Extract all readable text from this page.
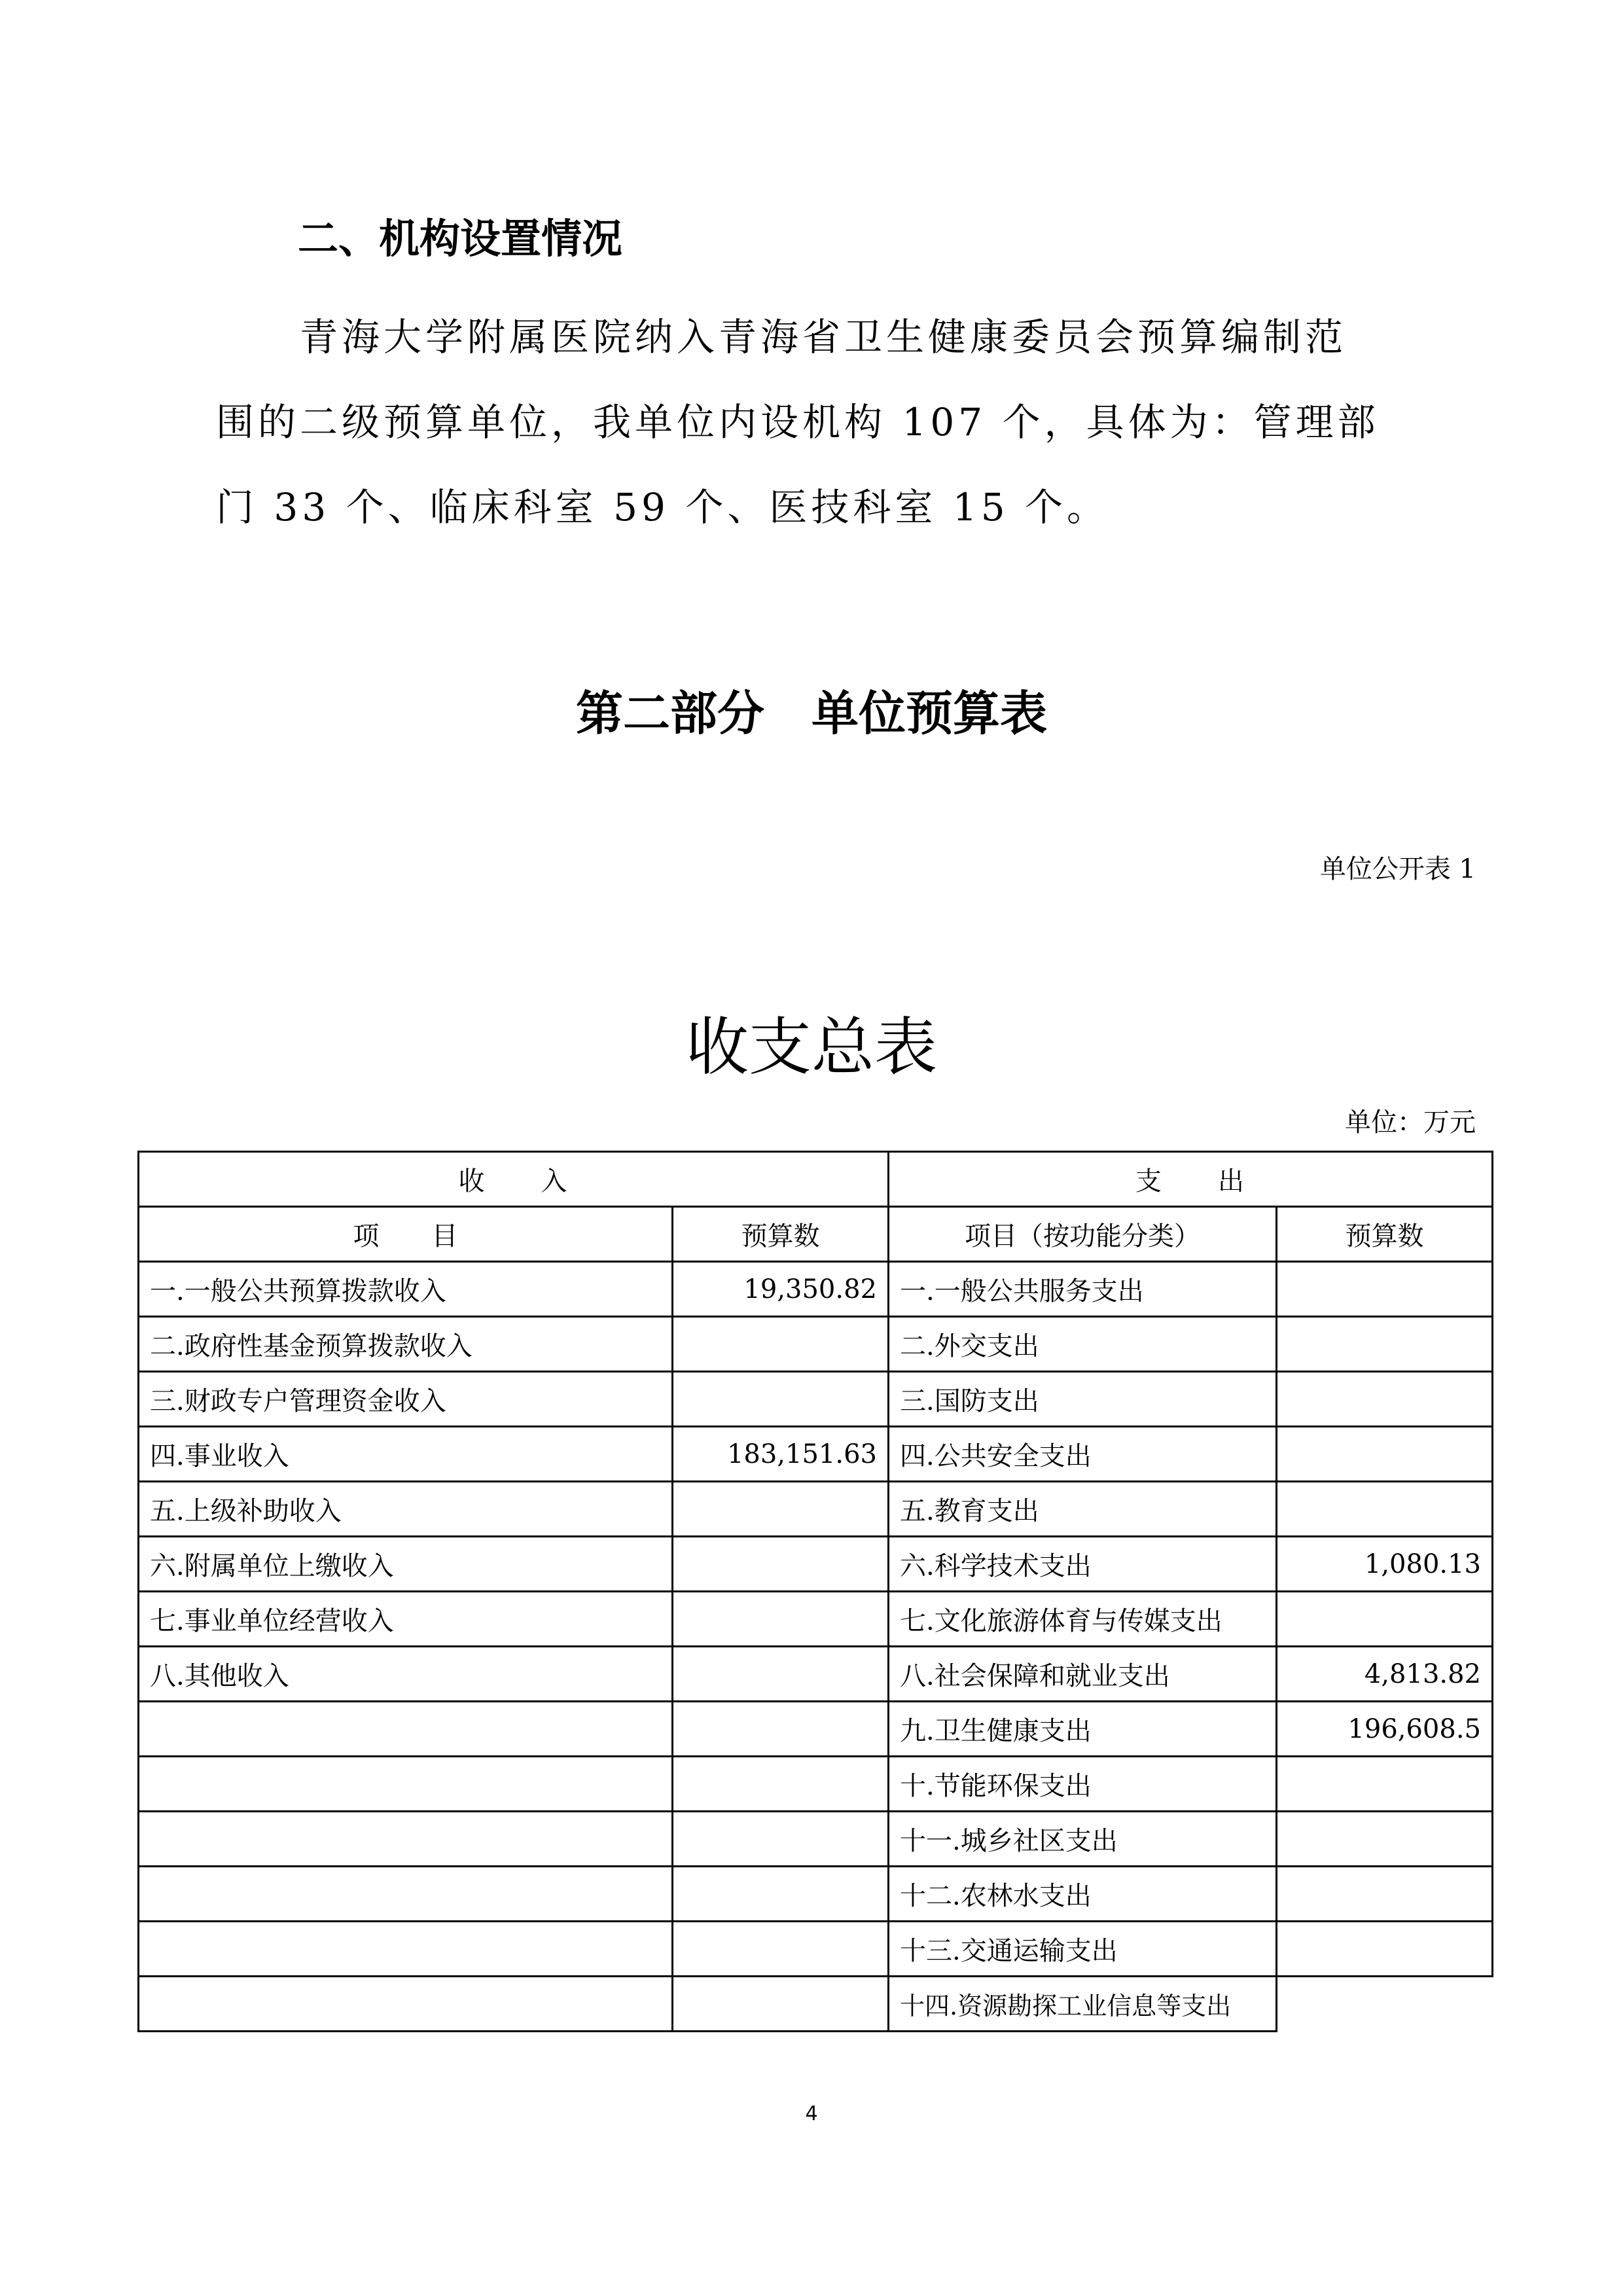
二、机构设置情况

青海大学附属医院纳入青海省卫生健康委员会预算编制范

围的二级预算单位，我单位内设机构 107 个，具体为：管理部

门 33 个、临床科室 59 个、医技科室 15 个。

第二部分　单位预算表
单位公开表 1
收支总表
单位：万元
收　　入		支　　出	
项　　目	预算数	项目（按功能分类）	预算数
一.一般公共预算拨款收入	19,350.82	一.一般公共服务支出	
二.政府性基金预算拨款收入		二.外交支出	
三.财政专户管理资金收入		三.国防支出	
四.事业收入	183,151.63	四.公共安全支出	
五.上级补助收入		五.教育支出	
六.附属单位上缴收入		六.科学技术支出	1,080.13
七.事业单位经营收入		七.文化旅游体育与传媒支出	
八.其他收入		八.社会保障和就业支出	4,813.82
		九.卫生健康支出	196,608.5
		十.节能环保支出	
		十一.城乡社区支出	
		十二.农林水支出	
		十三.交通运输支出	
		十四.资源勘探工业信息等支出	
4
